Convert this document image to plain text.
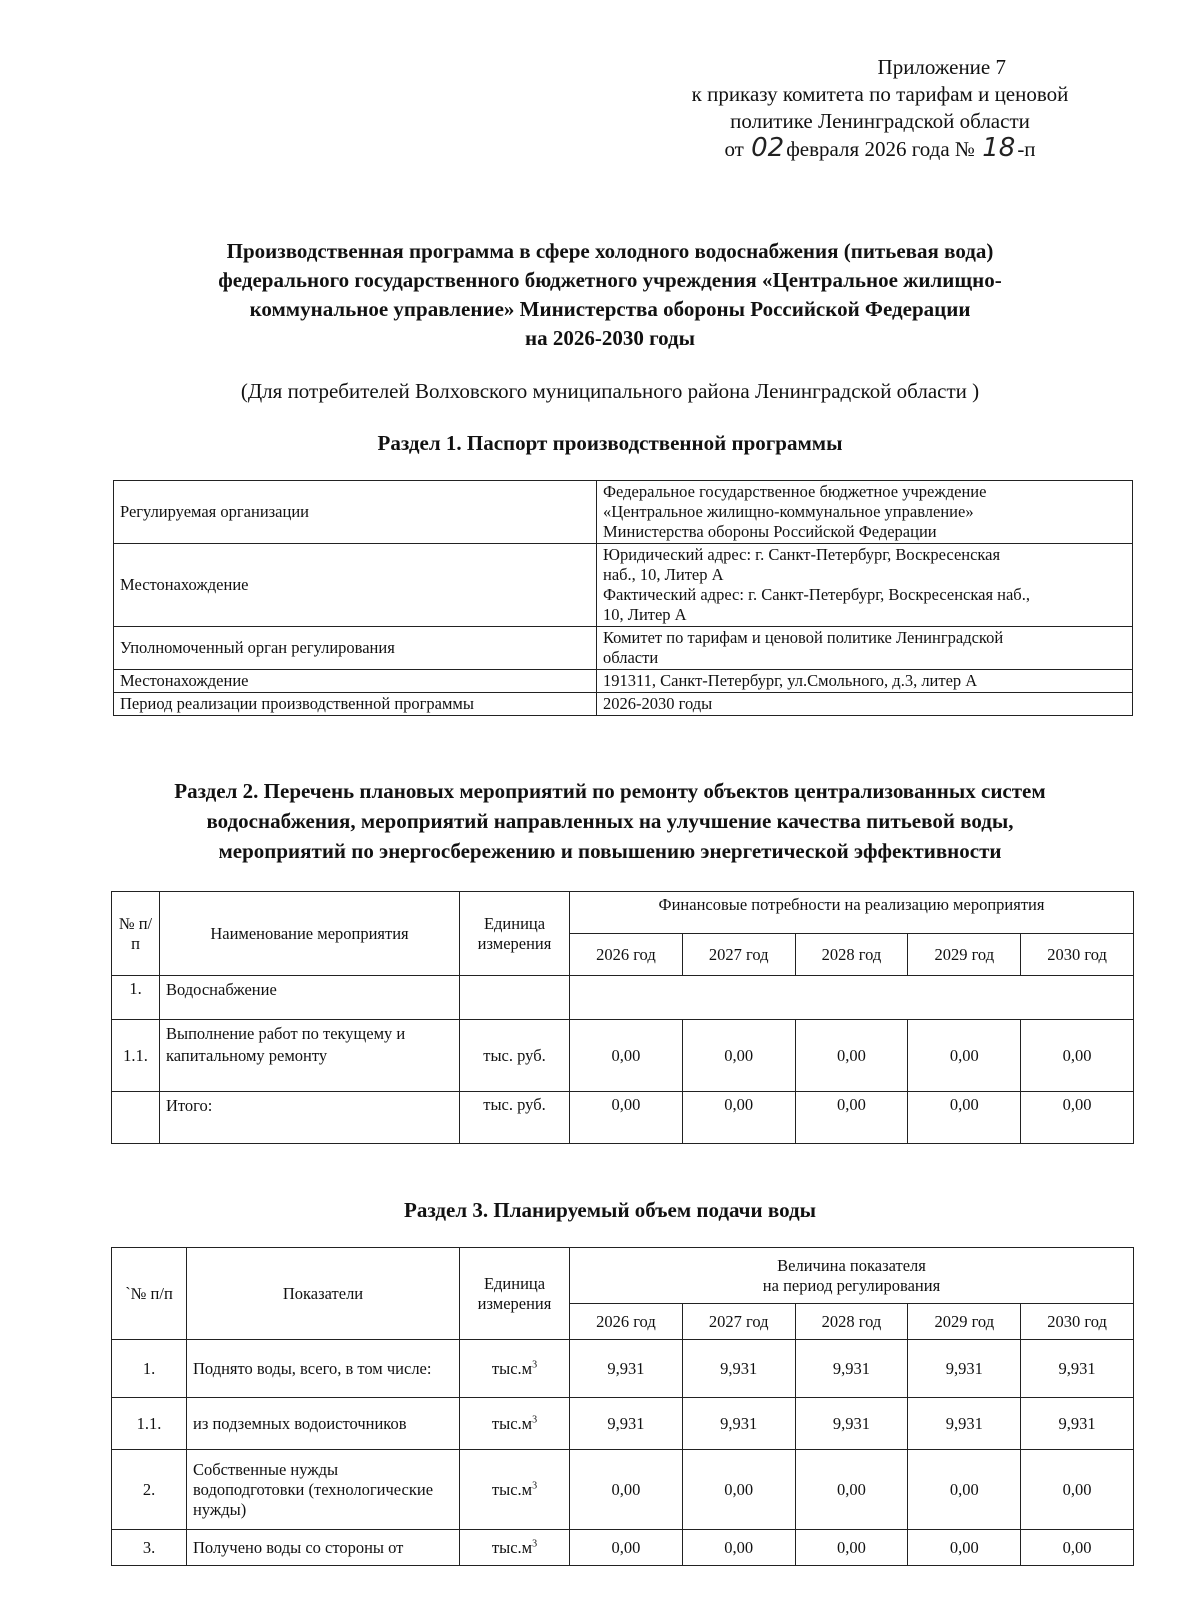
Приложение 7
к приказу комитета по тарифам и ценовой
политике Ленинградской области
от 02февраля 2026 года № 18-п
Производственная программа в сфере холодного водоснабжения (питьевая вода)
федерального государственного бюджетного учреждения «Центральное жилищно-
коммунальное управление» Министерства обороны Российской Федерации
на 2026-2030 годы
(Для потребителей Волховского муниципального района Ленинградской области )
Раздел 1. Паспорт производственной программы
Регулируемая организации	Федеральное государственное бюджетное учреждение
«Центральное жилищно-коммунальное управление»
Министерства обороны Российской Федерации

Местонахождение	Юридический адрес: г. Санкт-Петербург, Воскресенская
наб., 10, Литер А
Фактический адрес: г. Санкт-Петербург, Воскресенская наб.,
10, Литер А

Уполномоченный орган регулирования	Комитет по тарифам и ценовой политике Ленинградской
области

Местонахождение	191311, Санкт-Петербург, ул.Смольного, д.3, литер А

Период реализации производственной программы	2026-2030 годы
Раздел 2. Перечень плановых мероприятий по ремонту объектов централизованных систем
водоснабжения, мероприятий направленных на улучшение качества питьевой воды,
мероприятий по энергосбережению и повышению энергетической эффективности
№ п/п	Наименование мероприятия	Единица измерения	Финансовые потребности на реализацию мероприятия				
			2026 год	2027 год	2028 год	2029 год	2030 год
1.	Водоснабжение						
1.1.	Выполнение работ по текущему и капитальному ремонту	тыс. руб.	0,00	0,00	0,00	0,00	0,00
	Итого:	тыс. руб.	0,00	0,00	0,00	0,00	0,00
Раздел 3. Планируемый объем подачи воды
`№ п/п	Показатели	Единица измерения	Величина показателя
на период регулирования				

			2026 год	2027 год	2028 год	2029 год	2030 год
1.	Поднято воды, всего, в том числе:	$тыс.м^3$	9,931	9,931	9,931	9,931	9,931
1.1.	из подземных водоисточников	$тыс.м^3$	9,931	9,931	9,931	9,931	9,931
2.	Собственные нужды водоподготовки (технологические нужды)	$тыс.м^3$	0,00	0,00	0,00	0,00	0,00
3.	Получено воды со стороны от	$тыс.м^3$	0,00	0,00	0,00	0,00	0,00
